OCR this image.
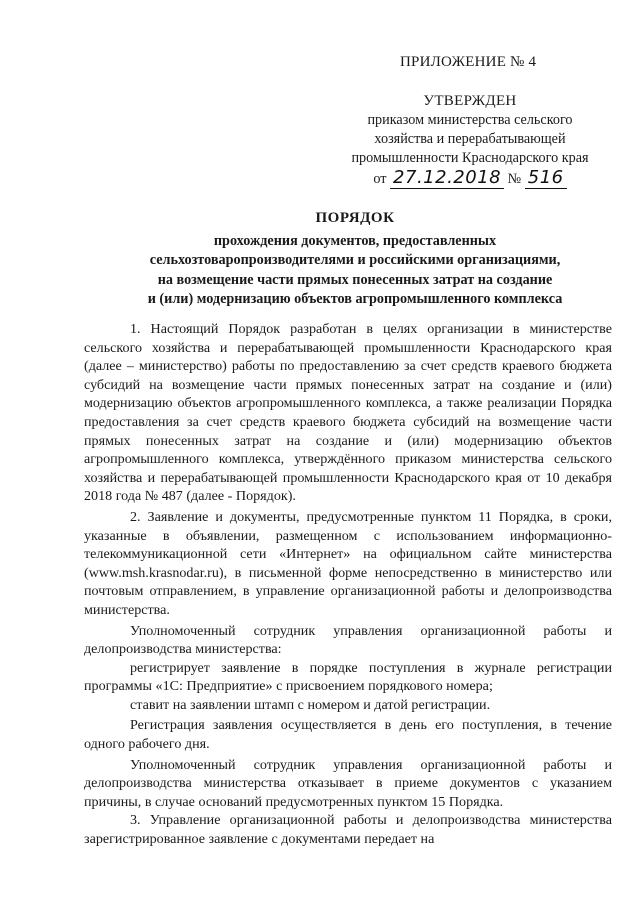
ПРИЛОЖЕНИЕ № 4
УТВЕРЖДЕН
приказом министерства сельского
хозяйства и перерабатывающей
промышленности Краснодарского края
от 27.12.2018 № 516
ПОРЯДОК
прохождения документов, предоставленных
сельхозтоваропроизводителями и российскими организациями,
на возмещение части прямых понесенных затрат на создание
и (или) модернизацию объектов агропромышленного комплекса

1. Настоящий Порядок разработан в целях организации в министерстве сельского хозяйства и перерабатывающей промышленности Краснодарского края (далее – министерство) работы по предоставлению за счет средств краевого бюджета субсидий на возмещение части прямых понесенных затрат на создание и (или) модернизацию объектов агропромышленного комплекса, а также реализации Порядка предоставления за счет средств краевого бюджета субсидий на возмещение части прямых понесенных затрат на создание и (или) модернизацию объектов агропромышленного комплекса, утверждённого приказом министерства сельского хозяйства и перерабатывающей промышленности Краснодарского края от 10 декабря 2018 года № 487 (далее - Порядок).

2. Заявление и документы, предусмотренные пунктом 11 Порядка, в сроки, указанные в объявлении, размещенном с использованием информационно-телекоммуникационной сети «Интернет» на официальном сайте министерства (www.msh.krasnodar.ru), в письменной форме непосредственно в министерство или почтовым отправлением, в управление организационной работы и делопроизводства министерства.

Уполномоченный сотрудник управления организационной работы и делопроизводства министерства:

регистрирует заявление в порядке поступления в журнале регистрации программы «1С: Предприятие» с присвоением порядкового номера;

ставит на заявлении штамп с номером и датой регистрации.

Регистрация заявления осуществляется в день его поступления, в течение одного рабочего дня.

Уполномоченный сотрудник управления организационной работы и делопроизводства министерства отказывает в приеме документов с указанием причины, в случае оснований предусмотренных пунктом 15 Порядка.

3. Управление организационной работы и делопроизводства министерства зарегистрированное заявление с документами передает на
